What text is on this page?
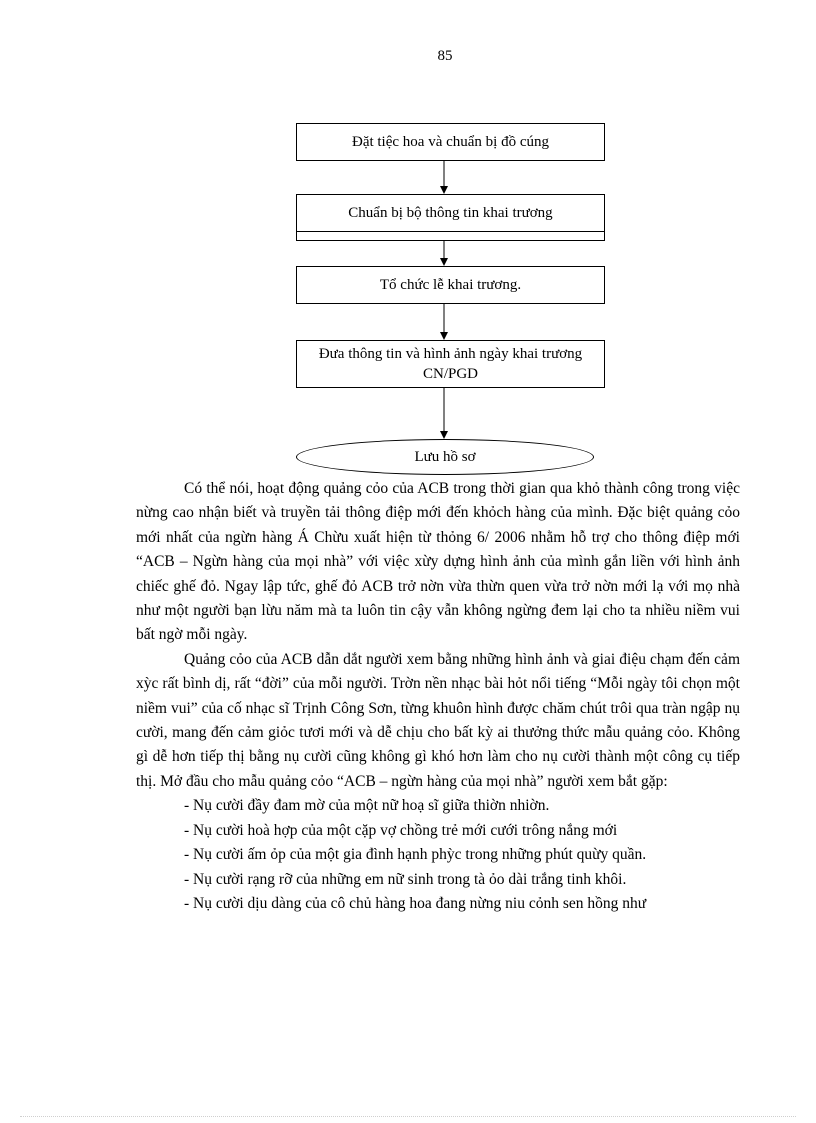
85
Đặt tiệc hoa và chuẩn bị đồ cúng
Chuẩn bị bộ thông tin khai trương
Tổ chức lễ khai trương.
Đưa thông tin và hình ảnh ngày khai trương CN/PGD
Lưu hồ sơ

Có thể nói, hoạt động quảng cỏo của ACB trong thời gian qua khỏ thành công trong việc nừng cao nhận biết và truyền tải thông điệp mới đến khỏch hàng của mình. Đặc biệt quảng cỏo mới nhất của ngừn hàng Á Chừu xuất hiện từ thỏng 6/ 2006 nhằm hỗ trợ cho thông điệp mới “ACB – Ngừn hàng của mọi nhà” với việc xừy dựng hình ảnh của mình gắn liền với hình ảnh chiếc ghế đỏ. Ngay lập tức, ghế đỏ ACB trở nờn vừa thừn quen vừa trở nờn mới lạ với mọ nhà như một người bạn lừu năm mà ta luôn tin cậy vẫn không ngừng đem lại cho ta nhiều niềm vui bất ngờ mỗi ngày.

Quảng cỏo của ACB dẫn dắt người xem bằng những hình ảnh và giai điệu chạm đến cảm xỳc rất bình dị, rất “đời” của mỗi người. Trờn nền nhạc bài hỏt nổi tiếng “Mỗi ngày tôi chọn một niềm vui” của cố nhạc sĩ Trịnh Công Sơn, từng khuôn hình được chăm chút trôi qua tràn ngập nụ cười, mang đến cảm giỏc tươi mới và dễ chịu cho bất kỳ ai thưởng thức mẫu quảng cỏo. Không gì dễ hơn tiếp thị bằng nụ cười cũng không gì khó hơn làm cho nụ cười thành một công cụ tiếp thị. Mở đầu cho mẫu quảng cỏo “ACB – ngừn hàng của mọi nhà” người xem bắt gặp:

- Nụ cười đầy đam mờ của một nữ hoạ sĩ giữa thiờn nhiờn.
- Nụ cười hoà hợp của một cặp vợ chồng trẻ mới cưới trông nắng mới
- Nụ cười ấm ỏp của một gia đình hạnh phỳc trong những phút quừy quần.
- Nụ cười rạng rỡ của những em nữ sinh trong tà ỏo dài trắng tinh khôi.
- Nụ cười dịu dàng của cô chủ hàng hoa đang nừng niu cỏnh sen hồng như
